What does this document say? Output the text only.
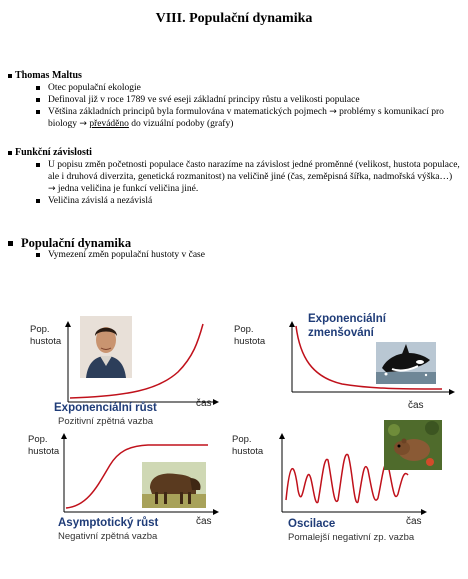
VIII. Populační dynamika
Thomas Maltus
Otec populační ekologie
Definoval již v roce 1789 ve své eseji základní principy růstu a velikosti populace
Většina základních principů byla formulována v matematických pojmech → problémy s komunikací pro biology → převáděno do vizuální podoby (grafy)
Funkční závislosti
U popisu změn početnosti populace často narazíme na závislost jedné proměnné (velikost, hustota populace, ale i druhová diverzita, genetická rozmanitost) na veličině jiné (čas, zeměpisná šířka, nadmořská výška…) → jedna veličina je funkcí veličina jiné.
Veličina závislá a nezávislá
Populační dynamika
Vymezení změn populační hustoty v čase
Pop.
hustota
čas
Exponenciální růst
Pozitivní zpětná vazba
Pop.
hustota
Exponenciální
zmenšování
čas
Pop.
hustota
čas
Asymptotický růst
Negativní zpětná vazba
Pop.
hustota
čas
Oscilace
Pomalejší negativní zp. vazba
